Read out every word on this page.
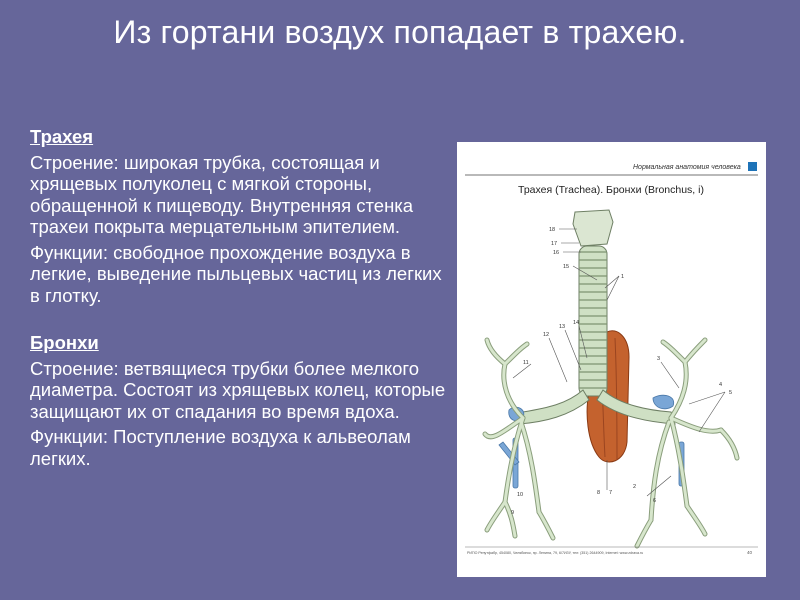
Из гортани воздух попадает в трахею.
Трахея
Строение: широкая трубка, состоящая и хрящевых полуколец с мягкой стороны, обращенной к пищеводу. Внутренняя стенка трахеи покрыта мерцательным эпителием.
Функции: свободное прохождение воздуха в легкие, выведение пыльцевых частиц из легких в глотку.
Бронхи
Строение: ветвящиеся трубки более мелкого диаметра. Состоят из хрящевых колец, которые защищают их от спадания во время вдоха.
Функции: Поступление воздуха к альвеолам легких.
Нормальная анатомия человека
Трахея (Trachea). Бронхи (Bronchus, i)
18
17
16
15
1
12
13
14
11
3
4
5
6
7
8
9
10
2
РИПО Репутфабр, 454080, Челябинск, пр. Ленина, 79, 6/7ИЗУ, тел: (351) 2644909, Internet: www.zdrava.ru	40
